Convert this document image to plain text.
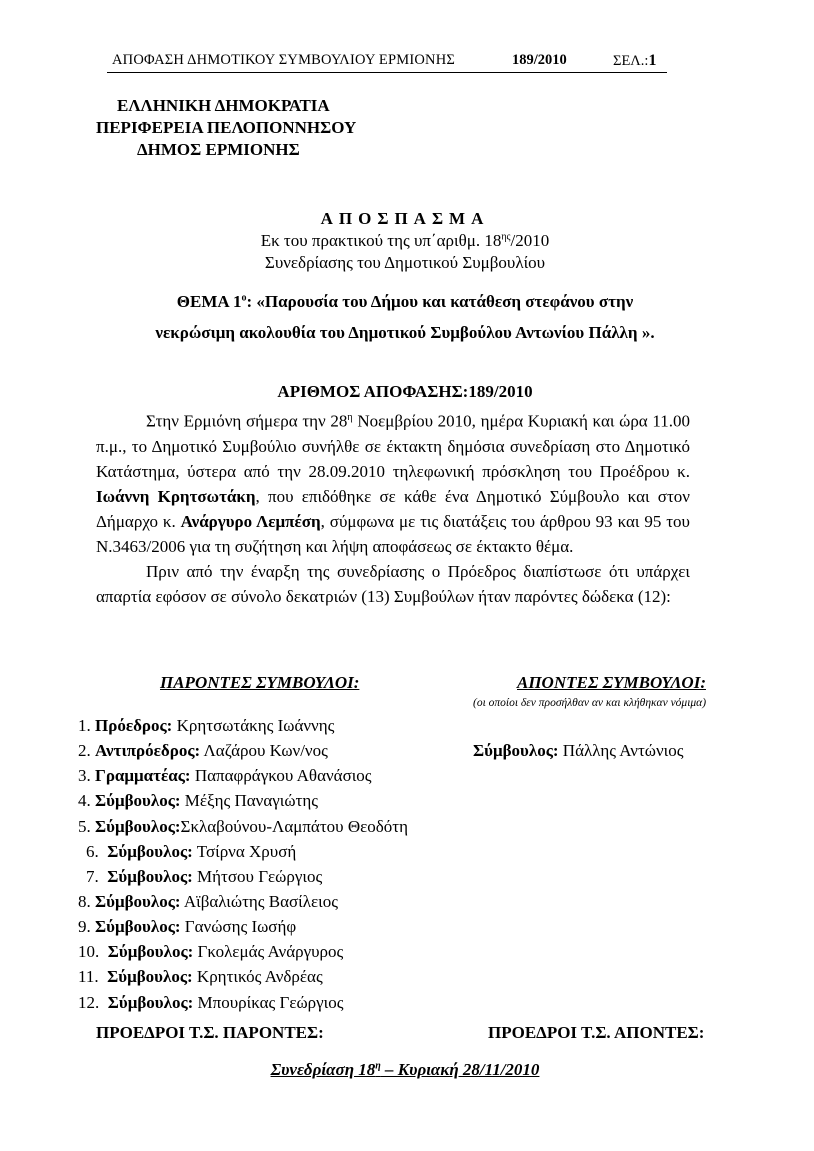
ΑΠΟΦΑΣΗ ΔΗΜΟΤΙΚΟΥ ΣΥΜΒΟΥΛΙΟΥ ΕΡΜΙΟΝΗΣ	189/2010	ΣΕΛ.:1
ΕΛΛΗΝΙΚΗ ΔΗΜΟΚΡΑΤΙΑ
ΠΕΡΙΦΕΡΕΙΑ ΠΕΛΟΠΟΝΝΗΣΟΥ
ΔΗΜΟΣ ΕΡΜΙΟΝΗΣ
ΑΠΟΣΠΑΣΜΑ
Εκ του πρακτικού της υπ΄αριθμ. $18^{\eta\varsigma}/2010$
Συνεδρίασης του Δημοτικού Συμβουλίου
ΘΕΜΑ $1^o$: «Παρουσία του Δήμου και κατάθεση στεφάνου στην
νεκρώσιμη ακολουθία του Δημοτικού Συμβούλου Αντωνίου Πάλλη ».
ΑΡΙΘΜΟΣ ΑΠΟΦΑΣΗΣ:189/2010

Στην Ερμιόνη σήμερα την $28^\eta$ Νοεμβρίου 2010, ημέρα Κυριακή και ώρα 11.00 π.μ., το Δημοτικό Συμβούλιο συνήλθε σε έκτακτη δημόσια συνεδρίαση στο Δημοτικό Κατάστημα, ύστερα από την 28.09.2010 τηλεφωνική πρόσκληση του Προέδρου κ. Ιωάννη Κρητσωτάκη, που επιδόθηκε σε κάθε ένα Δημοτικό Σύμβουλο και στον Δήμαρχο κ. Ανάργυρο Λεμπέση, σύμφωνα με τις διατάξεις του άρθρου 93 και 95 του Ν.3463/2006 για τη συζήτηση και λήψη αποφάσεως σε έκτακτο θέμα.

Πριν από την έναρξη της συνεδρίασης ο Πρόεδρος διαπίστωσε ότι υπάρχει απαρτία εφόσον σε σύνολο δεκατριών (13) Συμβούλων ήταν παρόντες δώδεκα (12):

ΠΑΡΟΝΤΕΣ ΣΥΜΒΟΥΛΟΙ:	ΑΠΟΝΤΕΣ ΣΥΜΒΟΥΛΟΙ:
(οι οποίοι δεν προσήλθαν αν και κλήθηκαν νόμιμα)
1. Πρόεδρος: Κρητσωτάκης Ιωάννης
2. Αντιπρόεδρος: Λαζάρου Κων/νος
3. Γραμματέας: Παπαφράγκου Αθανάσιος
4. Σύμβουλος: Μέξης Παναγιώτης
5. Σύμβουλος:Σκλαβούνου-Λαμπάτου Θεοδότη
6. Σύμβουλος: Τσίρνα Χρυσή
7. Σύμβουλος: Μήτσου Γεώργιος
8. Σύμβουλος: Αϊβαλιώτης Βασίλειος
9. Σύμβουλος: Γανώσης Ιωσήφ
10. Σύμβουλος: Γκολεμάς Ανάργυρος
11. Σύμβουλος: Κρητικός Ανδρέας
12. Σύμβουλος: Μπουρίκας Γεώργιος
Σύμβουλος: Πάλλης Αντώνιος
ΠΡΟΕΔΡΟΙ Τ.Σ. ΠΑΡΟΝΤΕΣ:	ΠΡΟΕΔΡΟΙ Τ.Σ. ΑΠΟΝΤΕΣ:
Συνεδρίαση $18^\eta$ – Κυριακή 28/11/2010
